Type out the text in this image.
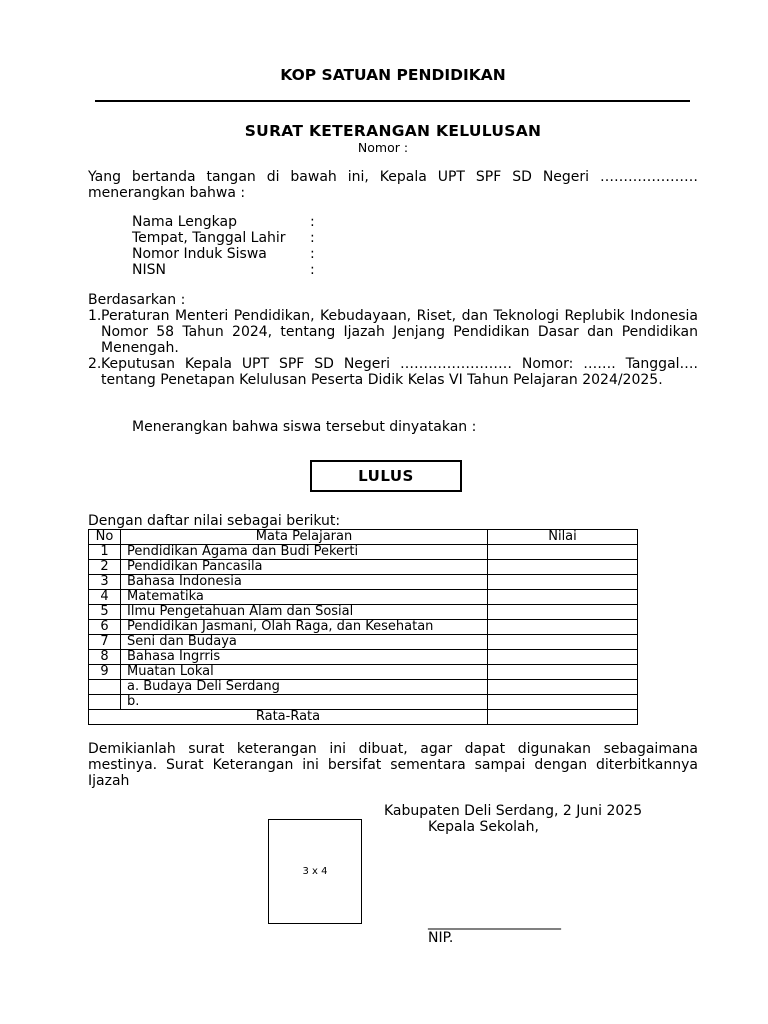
KOP SATUAN PENDIDIKAN
SURAT KETERANGAN KELULUSAN
Nomor :
Yang bertanda tangan di bawah ini, Kepala UPT SPF SD Negeri ………………… menerangkan bahwa :
Nama Lengkap	:
Tempat, Tanggal Lahir	:
Nomor Induk Siswa	:
NISN	:
Berdasarkan :
1. Peraturan Menteri Pendidikan, Kebudayaan, Riset, dan Teknologi Replubik Indonesia Nomor 58 Tahun 2024, tentang Ijazah Jenjang Pendidikan Dasar dan Pendidikan Menengah.
2. Keputusan Kepala UPT SPF SD Negeri …………………… Nomor: ……. Tanggal…. tentang Penetapan Kelulusan Peserta Didik Kelas VI Tahun Pelajaran 2024/2025.
Menerangkan bahwa siswa tersebut dinyatakan :
LULUS
Dengan daftar nilai sebagai berikut:
No	Mata Pelajaran	Nilai
1	Pendidikan Agama dan Budi Pekerti	
2	Pendidikan Pancasila	
3	Bahasa Indonesia	
4	Matematika	
5	Ilmu Pengetahuan Alam dan Sosial	
6	Pendidikan Jasmani, Olah Raga, dan Kesehatan	
7	Seni dan Budaya	
8	Bahasa Ingrris	
9	Muatan Lokal	
	a. Budaya Deli Serdang	
	b.	
Rata-Rata		
Demikianlah surat keterangan ini dibuat, agar dapat digunakan sebagaimana mestinya. Surat Keterangan ini bersifat sementara sampai dengan diterbitkannya Ijazah
Kabupaten Deli Serdang, 2 Juni 2025
Kepala Sekolah,
3 x 4
___________________
NIP.
